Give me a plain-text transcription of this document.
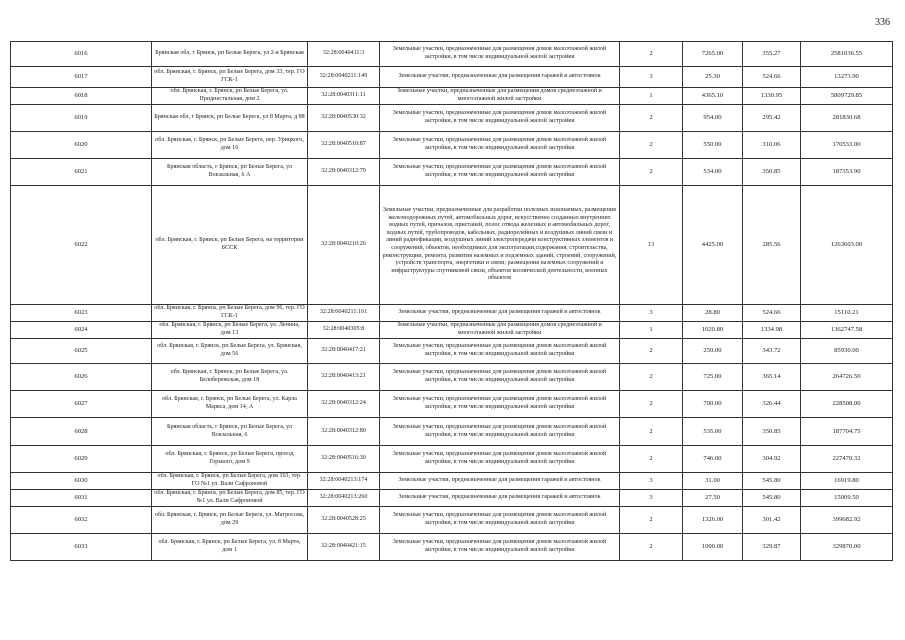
336
6016	Брянская обл, г Брянск, рп Белые Берега, ул 2-я Брянская	32:28:0040411:3	Земельные участки, предназначенные для размещения домов малоэтажной жилой застройки, в том числе индивидуальной жилой застройки	2	7265.00	355.27	2581036.55
6017	обл. Брянская, г. Брянск, рп Белые Берега, дом 33, тер. ГО ГСК-1	32:28:0040211:149	Земельные участки, предназначенные для размещения гаражей и автостоянок	3	25.30	524.66	13273.90
6018	обл. Брянская, г. Брянск, рп Белые Берега, ул. Приднестальная, дом 2	32:28:0040311:11	Земельные участки, предназначенные для размещения домов среднеэтажной и многоэтажной жилой застройки	1	4365.10	1330.95	5809729.85
6019	Брянская обл, г Брянск, рп Белые Берега, ул 8 Марта, д 88	32:28:0040530:32	Земельные участки, предназначенные для размещения домов малоэтажной жилой застройки, в том числе индивидуальной жилой застройки	2	954.00	295.42	281830.68
6020	обл. Брянская, г. Брянск, рп Белые Берега, пер. Урицкого, дом 16	32:28:0040510:87	Земельные участки, предназначенные для размещения домов малоэтажной жилой застройки, в том числе индивидуальной жилой застройки	2	550.00	310.06	170533.00
6021	Брянская область, г Брянск, рп Белые Берега, ул Вокзальная, 6 А	32:28:0040312:79	Земельные участки, предназначенные для размещения домов малоэтажной жилой застройки, в том числе индивидуальной жилой застройки	2	534.00	350.85	187353.90
6022	обл. Брянская, г. Брянск, рп Белые Берега, на территории БССК	32:28:0040210:26	Земельные участки, предназначенные для разработки полезных ископаемых, размещения железнодорожных путей, автомобильных дорог, искусственно созданных внутренних водных путей, причалов, пристаней, полос отвода железных и автомобильных дорог, водных путей, трубопроводов, кабельных, радиорелейных и воздушных линий связи и линий радиофикации, воздушных линий электропередачи конструктивных элементов и сооружений, объектов, необходимых для эксплуатации,содержания, строительства, реконструкции, ремонта, развития наземных и подземных зданий, строений, сооружений, устройств транспорта, энергетики и связи; размещения наземных сооружений и инфраструктуры спутниковой связи, объектов космической деятельности, военных объектов	13	4425.00	285.56	1263603.00
6023	обл. Брянская, г. Брянск, рп Белые Берега, дом 96, тер. ГО ГСК-1	32:28:0040211:161	Земельные участки, предназначенные для размещения гаражей и автостоянок	3	28.80	524.66	15110.21
6024	обл. Брянская, г. Брянск, рп Белые Берега, ул. Ленина, дом 13	32:28:0040305:8	Земельные участки, предназначенные для размещения домов среднеэтажной и многоэтажной жилой застройки	1	1020.80	1334.98	1362747.58
6025	обл. Брянская, г. Брянск, рп Белые Берега, ул. Брянская, дом 56	32:28:0040417:21	Земельные участки, предназначенные для размещения домов малоэтажной жилой застройки, в том числе индивидуальной жилой застройки	2	250.00	343.72	85930.00
6026	обл. Брянская, г. Брянск, рп Белые Берега, ул. Белобережская, дом 18	32:28:0040413:21	Земельные участки, предназначенные для размещения домов малоэтажной жилой застройки, в том числе индивидуальной жилой застройки	2	725.00	365.14	264726.50
6027	обл. Брянская, г. Брянск, рп Белые Берега, ул. Карла Маркса, дом 14, А	32:28:0040312:24	Земельные участки, предназначенные для размещения домов малоэтажной жилой застройки, в том числе индивидуальной жилой застройки	2	700.00	326.44	228508.00
6028	Брянская область, г Брянск, рп Белые Берега, ул Вокзальная, 6	32:28:0040312:80	Земельные участки, предназначенные для размещения домов малоэтажной жилой застройки, в том числе индивидуальной жилой застройки	2	535.00	350.85	187704.75
6029	обл. Брянская, г. Брянск, рп Белые Берега, проезд Горького, дом 9	32:28:0040516:30	Земельные участки, предназначенные для размещения домов малоэтажной жилой застройки, в том числе индивидуальной жилой застройки	2	746.00	304.92	227470.32
6030	обл. Брянская, г. Брянск, рп Белые Берега, дом 163, тер. ГО №1 ул. Вали Сафроновой	32:28:0040213:174	Земельные участки, предназначенные для размещения гаражей и автостоянок	3	31.00	545.80	16919.80
6031	обл. Брянская, г. Брянск, рп Белые Берега, дом 85, тер. ГО №1 ул. Вали Сафроновой	32:28:0040213:260	Земельные участки, предназначенные для размещения гаражей и автостоянок	3	27.50	545.80	15009.50
6032	обл. Брянская, г. Брянск, рп Белые Берега, ул. Матросова, дом 29	32:28:0040528:25	Земельные участки, предназначенные для размещения домов малоэтажной жилой застройки, в том числе индивидуальной жилой застройки	2	1326.00	301.42	399682.92
6033	обл. Брянская, г. Брянск, рп Белые Берега, ул. 8 Марта, дом 1	32:28:0040421:15	Земельные участки, предназначенные для размещения домов малоэтажной жилой застройки, в том числе индивидуальной жилой застройки	2	1000.00	329.87	329870.00
